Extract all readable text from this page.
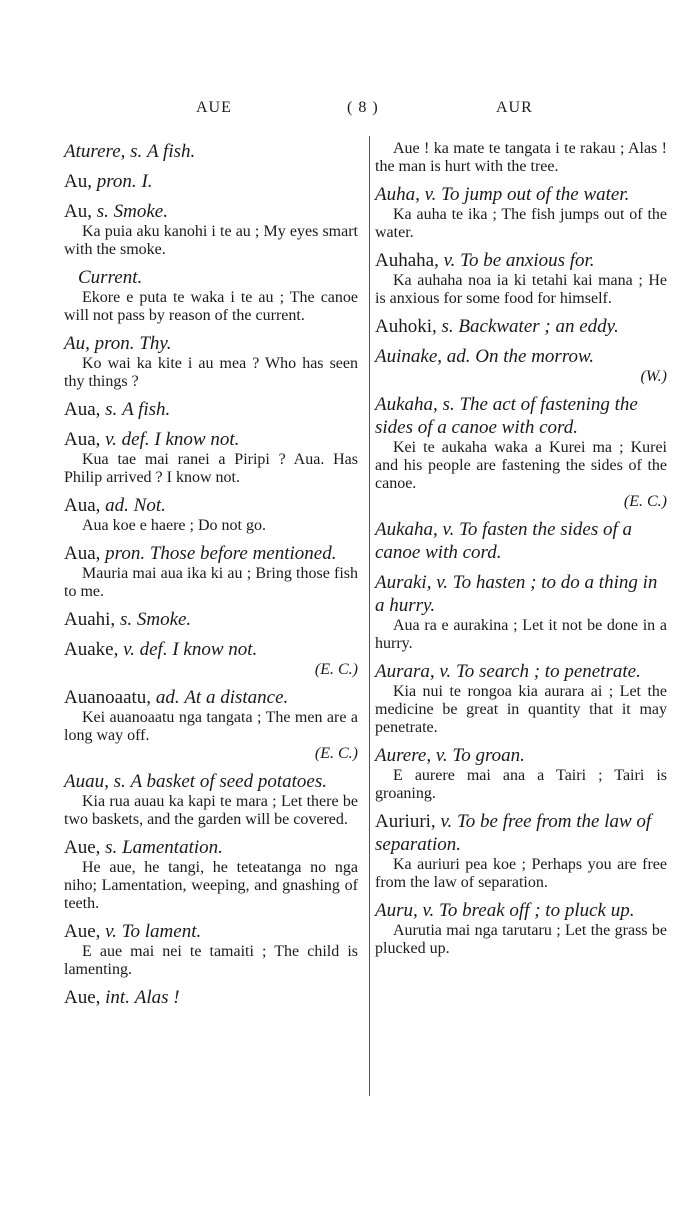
AUE	( 8 )	AUR
Aturere, s. A fish.
Au, pron. I.
Au, s. Smoke.
Ka puia aku kanohi i te au ; My eyes smart with the smoke.
Current.
Ekore e puta te waka i te au ; The canoe will not pass by reason of the current.
Au, pron. Thy.
Ko wai ka kite i au mea ? Who has seen thy things ?
Aua, s. A fish.
Aua, v. def. I know not.
Kua tae mai ranei a Piripi ? Aua. Has Philip arrived ? I know not.
Aua, ad. Not.
Aua koe e haere ; Do not go.
Aua, pron. Those before mentioned.
Mauria mai aua ika ki au ; Bring those fish to me.
Auahi, s. Smoke.
Auake, v. def. I know not.
(E. C.)
Auanoaatu, ad. At a distance.
Kei auanoaatu nga tangata ; The men are a long way off.
(E. C.)
Auau, s. A basket of seed potatoes.
Kia rua auau ka kapi te mara ; Let there be two baskets, and the garden will be covered.
Aue, s. Lamentation.
He aue, he tangi, he teteatanga no nga niho; Lamentation, weeping, and gnashing of teeth.
Aue, v. To lament.
E aue mai nei te tamaiti ; The child is lamenting.
Aue, int. Alas !
Aue ! ka mate te tangata i te rakau ; Alas ! the man is hurt with the tree.
Auha, v. To jump out of the water.
Ka auha te ika ; The fish jumps out of the water.
Auhaha, v. To be anxious for.
Ka auhaha noa ia ki tetahi kai mana ; He is anxious for some food for himself.
Auhoki, s. Backwater ; an eddy.
Auinake, ad. On the morrow.
(W.)
Aukaha, s. The act of fastening the sides of a canoe with cord.
Kei te aukaha waka a Kurei ma ; Kurei and his people are fastening the sides of the canoe.
(E. C.)
Aukaha, v. To fasten the sides of a canoe with cord.
Auraki, v. To hasten ; to do a thing in a hurry.
Aua ra e aurakina ; Let it not be done in a hurry.
Aurara, v. To search ; to penetrate.
Kia nui te rongoa kia aurara ai ; Let the medicine be great in quantity that it may penetrate.
Aurere, v. To groan.
E aurere mai ana a Tairi ; Tairi is groaning.
Auriuri, v. To be free from the law of separation.
Ka auriuri pea koe ; Perhaps you are free from the law of separation.
Auru, v. To break off ; to pluck up.
Aurutia mai nga tarutaru ; Let the grass be plucked up.
